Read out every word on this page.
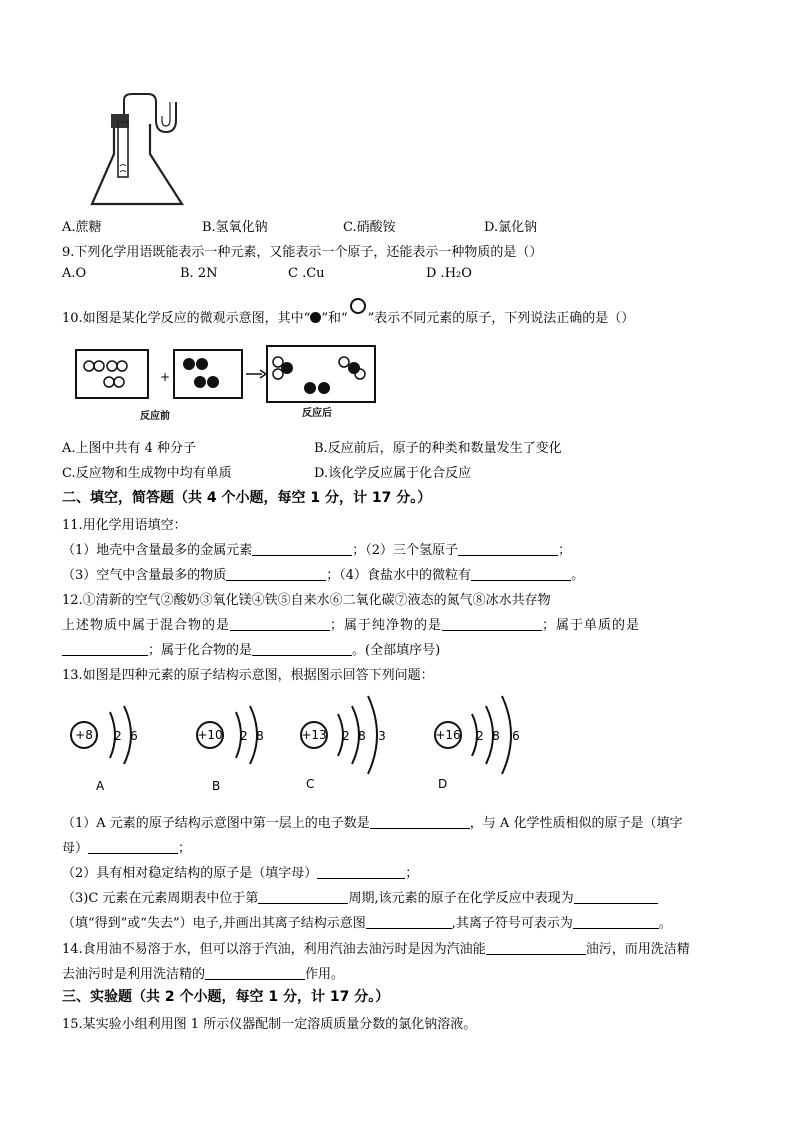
A.蔗糖	B.氢氧化钠	C.硝酸铵	D.氯化钠
9.下列化学用语既能表示一种元素，又能表示一个原子，还能表示一种物质的是（）
A.O	B. 2N	C .Cu	D .H₂O
10.如图是某化学反应的微观示意图，其中“ ”和“ ”表示不同元素的原子，下列说法正确的是（）
+
反应前	反应后
A.上图中共有 4 种分子	B.反应前后，原子的种类和数量发生了变化
C.反应物和生成物中均有单质	D.该化学反应属于化合反应
二、填空，简答题（共 4 个小题，每空 1 分，计 17 分。）
11.用化学用语填空：
（1）地壳中含量最多的金属元素	；（2）三个氢原子	；
（3）空气中含量最多的物质	；（4）食盐水中的微粒有	。
12.①清新的空气②酸奶③氧化镁④铁⑤自来水⑥二氧化碳⑦液态的氮气⑧冰水共存物
上述物质中属于混合物的是	；属于纯净物的是	；属于单质的是
；属于化合物的是	。(全部填序号)
13.如图是四种元素的原子结构示意图，根据图示回答下列问题：
+8 2 6
A
+10 2 8
B
+13 2 8 3
C
+16 2 8 6
D
（1）A 元素的原子结构示意图中第一层上的电子数是	，与 A 化学性质相似的原子是（填字
母）	；
（2）具有相对稳定结构的原子是（填字母）	；
（3)C 元素在元素周期表中位于第	周期,该元素的原子在化学反应中表现为
（填“得到”或“失去”）电子,并画出其离子结构示意图	,其离子符号可表示为	。
14.食用油不易溶于水，但可以溶于汽油，利用汽油去油污时是因为汽油能	油污，而用洗洁精
去油污时是利用洗洁精的	作用。
三、实验题（共 2 个小题，每空 1 分，计 17 分。）
15.某实验小组利用图 1 所示仪器配制一定溶质质量分数的氯化钠溶液。
